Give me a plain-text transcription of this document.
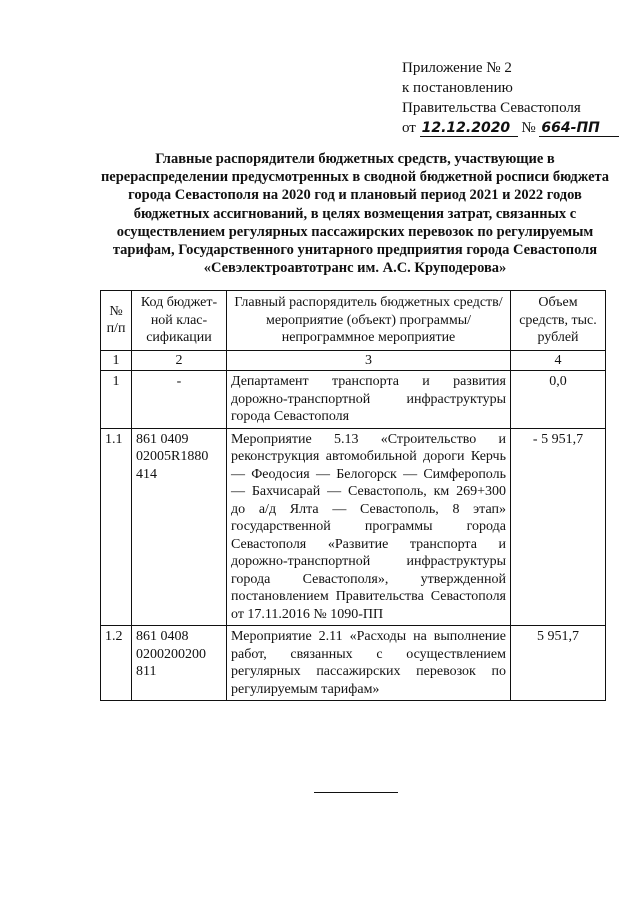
Приложение № 2
к постановлению
Правительства Севастополя
от 12.12.2020 № 664-ПП
Главные распорядители бюджетных средств, участвующие в перераспределении предусмотренных в сводной бюджетной росписи бюджета города Севастополя на 2020 год и плановый период 2021 и 2022 годов бюджетных ассигнований, в целях возмещения затрат, связанных с осуществлением регулярных пассажирских перевозок по регулируемым тарифам, Государственного унитарного предприятия города Севастополя «Севэлектроавтотранс им. А.С. Круподерова»
№ п/п	Код бюджет-ной клас-сификации	Главный распорядитель бюджетных средств/мероприятие (объект) программы/непрограммное мероприятие	Объем средств, тыс. рублей
1	2	3	4
1	-	Департамент транспорта и развития дорожно-транспортной инфраструктуры города Севастополя	0,0
1.1	861 0409 02005R1880 414	Мероприятие 5.13 «Строительство и реконструкция автомобильной дороги Керчь — Феодосия — Белогорск — Симферополь — Бахчисарай — Севастополь, км 269+300 до а/д Ялта — Севастополь, 8 этап» государственной программы города Севастополя «Развитие транспорта и дорожно-транспортной инфраструктуры города Севастополя», утвержденной постановлением Правительства Севастополя от 17.11.2016 № 1090-ПП	- 5 951,7
1.2	861 0408 0200200200 811	Мероприятие 2.11 «Расходы на выполнение работ, связанных с осуществлением регулярных пассажирских перевозок по регулируемым тарифам»	5 951,7
